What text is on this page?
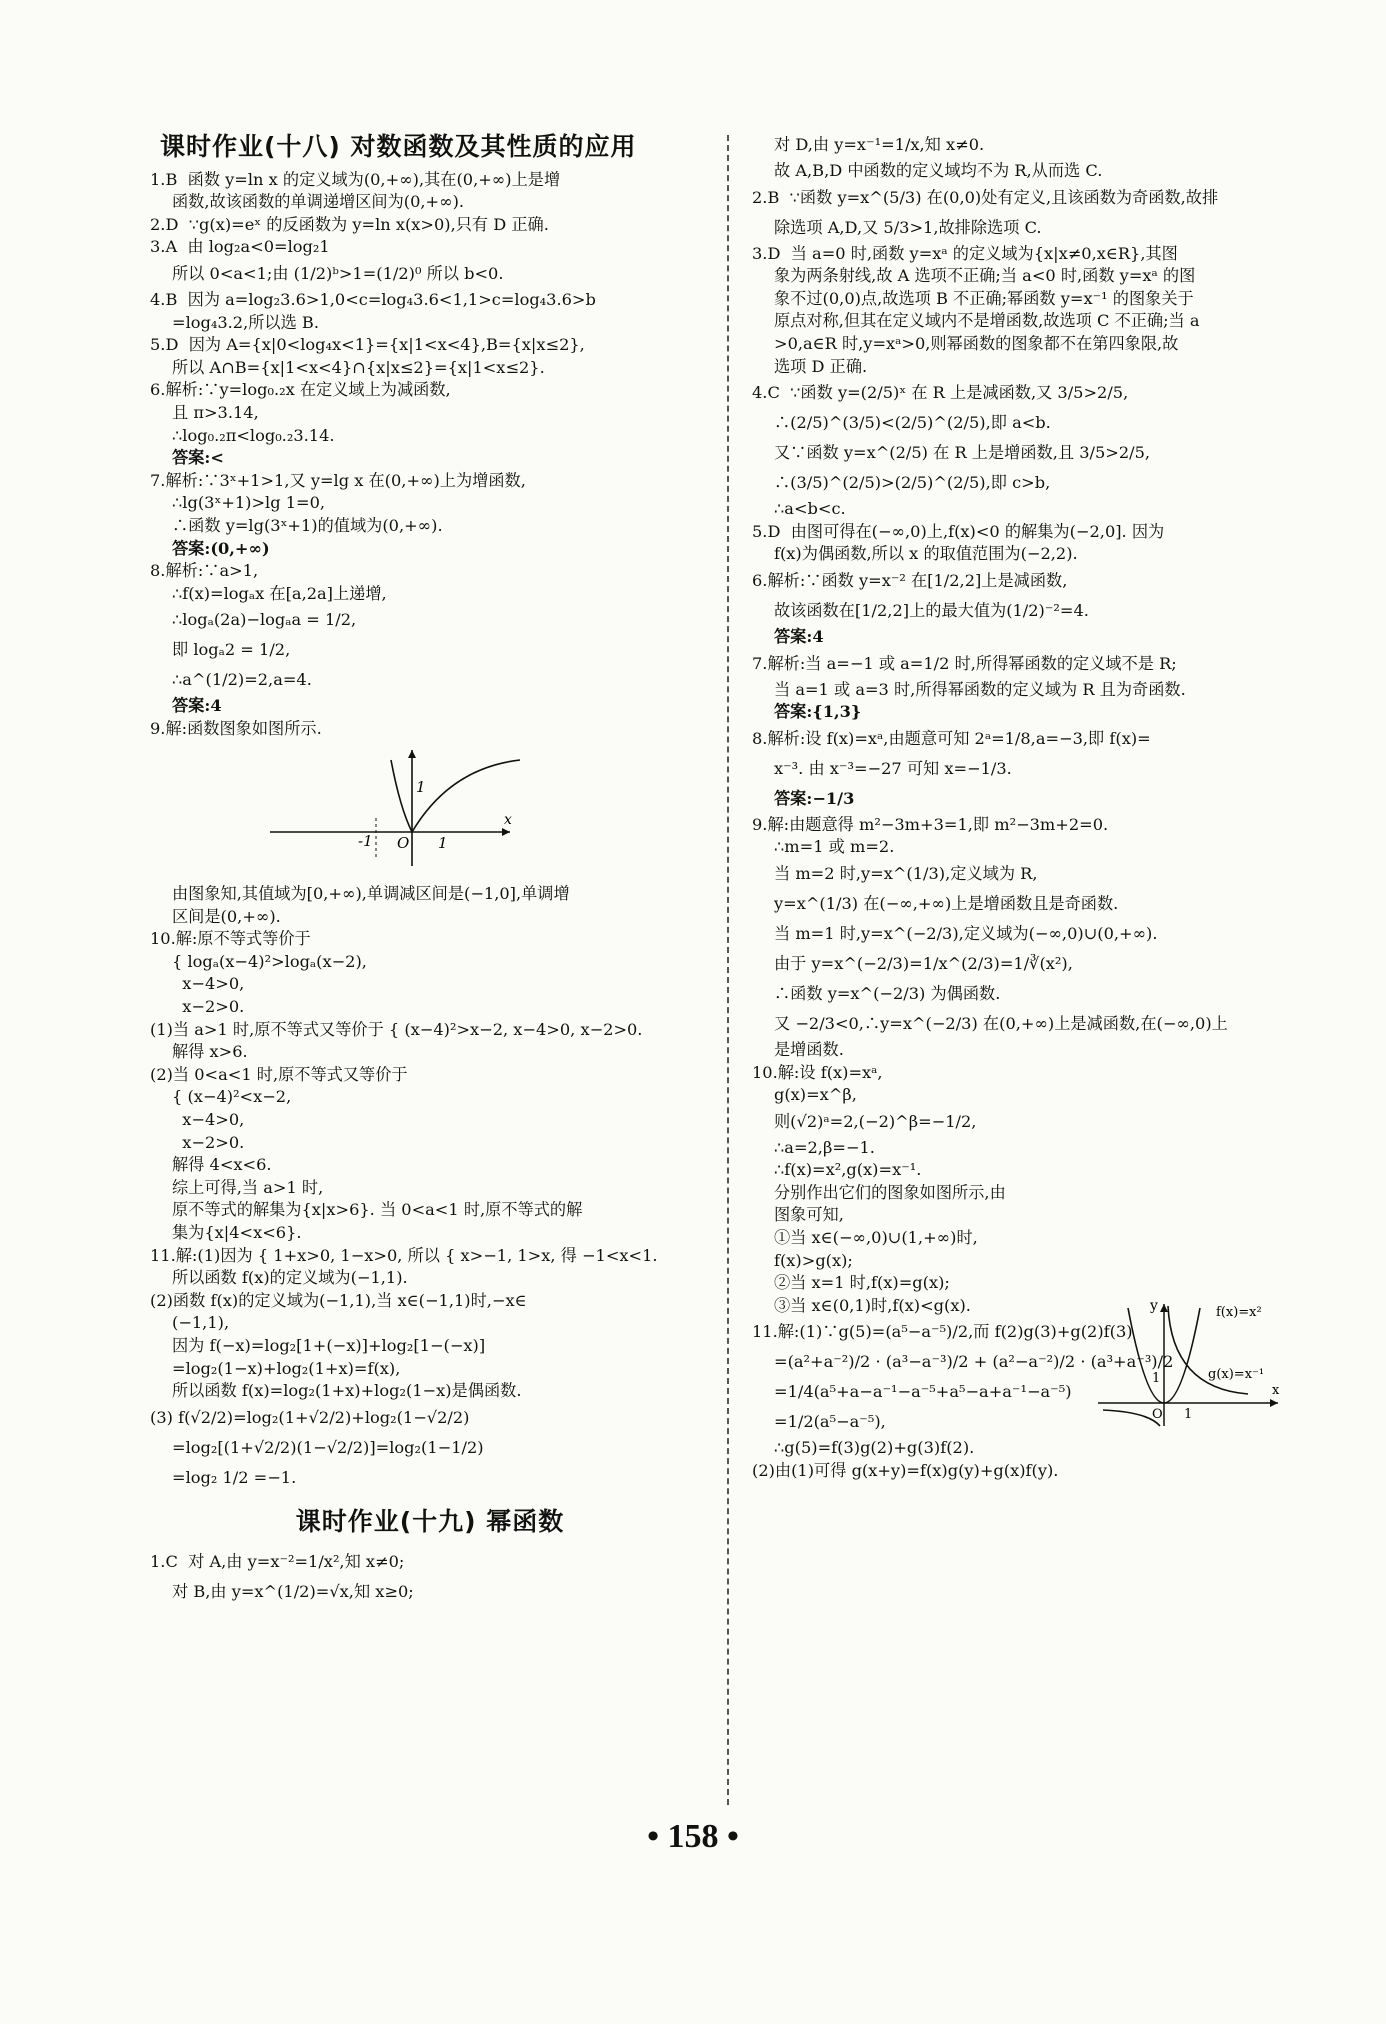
课时作业(十八) 对数函数及其性质的应用
1.B  函数 y=ln x 的定义域为(0,+∞),其在(0,+∞)上是增
函数,故该函数的单调递增区间为(0,+∞).
2.D  ∵g(x)=eˣ 的反函数为 y=ln x(x>0),只有 D 正确.
3.A  由 log₂a<0=log₂1
所以 0<a<1;由 (1/2)ᵇ>1=(1/2)⁰ 所以 b<0.
4.B  因为 a=log₂3.6>1,0<c=log₄3.6<1,1>c=log₄3.6>b
=log₄3.2,所以选 B.
5.D  因为 A={x|0<log₄x<1}={x|1<x<4},B={x|x≤2},
所以 A∩B={x|1<x<4}∩{x|x≤2}={x|1<x≤2}.
6.解析:∵y=log₀.₂x 在定义域上为减函数,
且 π>3.14,
∴log₀.₂π<log₀.₂3.14.
答案:<
7.解析:∵3ˣ+1>1,又 y=lg x 在(0,+∞)上为增函数,
∴lg(3ˣ+1)>lg 1=0,
∴函数 y=lg(3ˣ+1)的值域为(0,+∞).
答案:(0,+∞)
8.解析:∵a>1,
∴f(x)=logₐx 在[a,2a]上递增,
∴logₐ(2a)−logₐa = 1/2,
即 logₐ2 = 1/2,
∴a^(1/2)=2,a=4.
答案:4
9.解:函数图象如图所示.
1
-1 O 1
x
由图象知,其值域为[0,+∞),单调减区间是(−1,0],单调增
区间是(0,+∞).
10.解:原不等式等价于
{ logₐ(x−4)²>logₐ(x−2),
x−4>0,
x−2>0.
(1)当 a>1 时,原不等式又等价于 { (x−4)²>x−2, x−4>0, x−2>0.
解得 x>6.
(2)当 0<a<1 时,原不等式又等价于
{ (x−4)²<x−2,
x−4>0,
x−2>0.
解得 4<x<6.
综上可得,当 a>1 时,
原不等式的解集为{x|x>6}. 当 0<a<1 时,原不等式的解
集为{x|4<x<6}.
11.解:(1)因为 { 1+x>0, 1−x>0, 所以 { x>−1, 1>x, 得 −1<x<1.
所以函数 f(x)的定义域为(−1,1).
(2)函数 f(x)的定义域为(−1,1),当 x∈(−1,1)时,−x∈
(−1,1),
因为 f(−x)=log₂[1+(−x)]+log₂[1−(−x)]
=log₂(1−x)+log₂(1+x)=f(x),
所以函数 f(x)=log₂(1+x)+log₂(1−x)是偶函数.
(3) f(√2/2)=log₂(1+√2/2)+log₂(1−√2/2)
=log₂[(1+√2/2)(1−√2/2)]=log₂(1−1/2)
=log₂ 1/2 =−1.
课时作业(十九) 幂函数
1.C  对 A,由 y=x⁻²=1/x²,知 x≠0;
对 B,由 y=x^(1/2)=√x,知 x≥0;
对 D,由 y=x⁻¹=1/x,知 x≠0.
故 A,B,D 中函数的定义域均不为 R,从而选 C.
2.B  ∵函数 y=x^(5/3) 在(0,0)处有定义,且该函数为奇函数,故排
除选项 A,D,又 5/3>1,故排除选项 C.
3.D  当 a=0 时,函数 y=xᵃ 的定义域为{x|x≠0,x∈R},其图
象为两条射线,故 A 选项不正确;当 a<0 时,函数 y=xᵃ 的图
象不过(0,0)点,故选项 B 不正确;幂函数 y=x⁻¹ 的图象关于
原点对称,但其在定义域内不是增函数,故选项 C 不正确;当 a
>0,a∈R 时,y=xᵃ>0,则幂函数的图象都不在第四象限,故
选项 D 正确.
4.C  ∵函数 y=(2/5)ˣ 在 R 上是减函数,又 3/5>2/5,
∴(2/5)^(3/5)<(2/5)^(2/5),即 a<b.
又∵函数 y=x^(2/5) 在 R 上是增函数,且 3/5>2/5,
∴(3/5)^(2/5)>(2/5)^(2/5),即 c>b,
∴a<b<c.
5.D  由图可得在(−∞,0)上,f(x)<0 的解集为(−2,0]. 因为
f(x)为偶函数,所以 x 的取值范围为(−2,2).
6.解析:∵函数 y=x⁻² 在[1/2,2]上是减函数,
故该函数在[1/2,2]上的最大值为(1/2)⁻²=4.
答案:4
7.解析:当 a=−1 或 a=1/2 时,所得幂函数的定义域不是 R;
当 a=1 或 a=3 时,所得幂函数的定义域为 R 且为奇函数.
答案:{1,3}
8.解析:设 f(x)=xᵃ,由题意可知 2ᵃ=1/8,a=−3,即 f(x)=
x⁻³. 由 x⁻³=−27 可知 x=−1/3.
答案:−1/3
9.解:由题意得 m²−3m+3=1,即 m²−3m+2=0.
∴m=1 或 m=2.
当 m=2 时,y=x^(1/3),定义域为 R,
y=x^(1/3) 在(−∞,+∞)上是增函数且是奇函数.
当 m=1 时,y=x^(−2/3),定义域为(−∞,0)∪(0,+∞).
由于 y=x^(−2/3)=1/x^(2/3)=1/∛(x²),
∴函数 y=x^(−2/3) 为偶函数.
又 −2/3<0,∴y=x^(−2/3) 在(0,+∞)上是减函数,在(−∞,0)上
是增函数.
10.解:设 f(x)=xᵃ,
g(x)=x^β,
则(√2)ᵃ=2,(−2)^β=−1/2,
∴a=2,β=−1.
∴f(x)=x²,g(x)=x⁻¹.
分别作出它们的图象如图所示,由
图象可知,
①当 x∈(−∞,0)∪(1,+∞)时,
f(x)>g(x);
②当 x=1 时,f(x)=g(x);
③当 x∈(0,1)时,f(x)<g(x).
11.解:(1)∵g(5)=(a⁵−a⁻⁵)/2,而 f(2)g(3)+g(2)f(3)
=(a²+a⁻²)/2 · (a³−a⁻³)/2 + (a²−a⁻²)/2 · (a³+a⁻³)/2
=1/4(a⁵+a−a⁻¹−a⁻⁵+a⁵−a+a⁻¹−a⁻⁵)
=1/2(a⁵−a⁻⁵),
∴g(5)=f(3)g(2)+g(3)f(2).
(2)由(1)可得 g(x+y)=f(x)g(y)+g(x)f(y).
y	f(x)=x²
g(x)=x⁻¹
1
O 1
x
• 158 •
